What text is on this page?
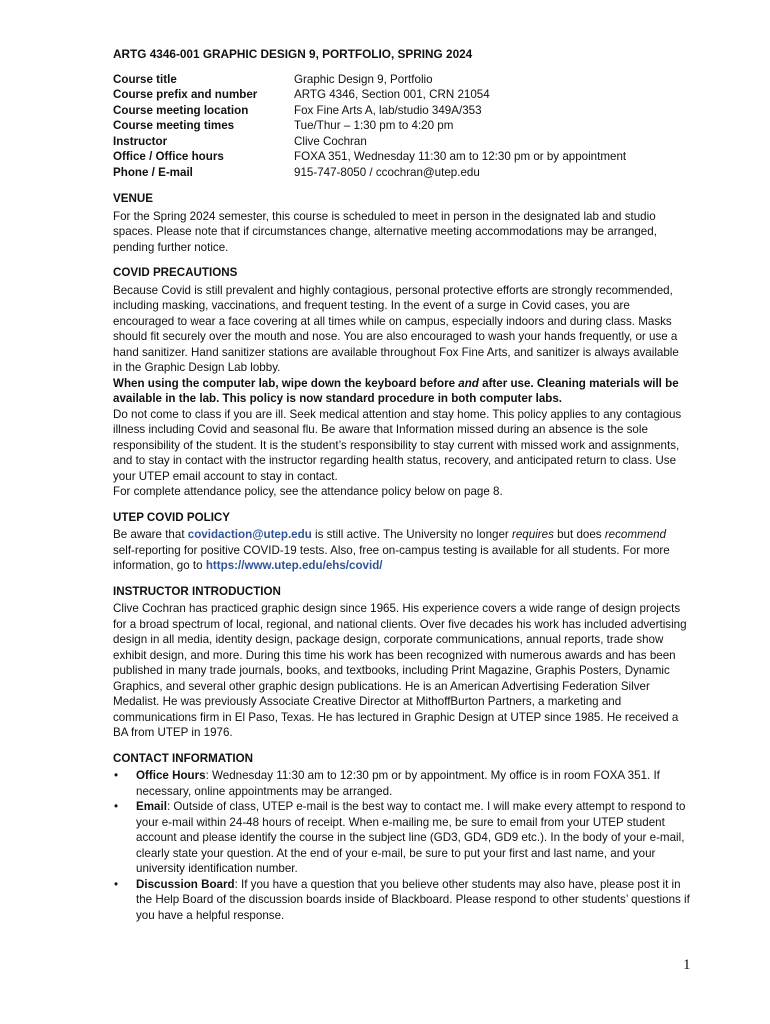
ARTG 4346-001 GRAPHIC DESIGN 9, PORTFOLIO, SPRING 2024
Course title	Graphic Design 9, Portfolio
Course prefix and number	ARTG 4346, Section 001, CRN 21054
Course meeting location	Fox Fine Arts A, lab/studio 349A/353
Course meeting times	Tue/Thur – 1:30 pm to 4:20 pm
Instructor	Clive Cochran
Office / Office hours	FOXA 351, Wednesday 11:30 am to 12:30 pm or by appointment
Phone / E-mail	915-747-8050 / ccochran@utep.edu
VENUE

For the Spring 2024 semester, this course is scheduled to meet in person in the designated lab and studio spaces. Please note that if circumstances change, alternative meeting accommodations may be arranged, pending further notice.

COVID PRECAUTIONS

Because Covid is still prevalent and highly contagious, personal protective efforts are strongly recommended, including masking, vaccinations, and frequent testing. In the event of a surge in Covid cases, you are encouraged to wear a face covering at all times while on campus, especially indoors and during class. Masks should fit securely over the mouth and nose. You are also encouraged to wash your hands frequently, or use a hand sanitizer. Hand sanitizer stations are available throughout Fox Fine Arts, and sanitizer is always available in the Graphic Design Lab lobby.

When using the computer lab, wipe down the keyboard before and after use. Cleaning materials will be available in the lab. This policy is now standard procedure in both computer labs.

Do not come to class if you are ill. Seek medical attention and stay home. This policy applies to any contagious illness including Covid and seasonal flu. Be aware that Information missed during an absence is the sole responsibility of the student. It is the student’s responsibility to stay current with missed work and assignments, and to stay in contact with the instructor regarding health status, recovery, and anticipated return to class. Use your UTEP email account to stay in contact.

For complete attendance policy, see the attendance policy below on page 8.

UTEP COVID POLICY

Be aware that covidaction@utep.edu is still active. The University no longer requires but does recommend self-reporting for positive COVID-19 tests. Also, free on-campus testing is available for all students. For more information, go to https://www.utep.edu/ehs/covid/

INSTRUCTOR INTRODUCTION

Clive Cochran has practiced graphic design since 1965. His experience covers a wide range of design projects for a broad spectrum of local, regional, and national clients. Over five decades his work has included advertising design in all media, identity design, package design, corporate communications, annual reports, trade show exhibit design, and more. During this time his work has been recognized with numerous awards and has been published in many trade journals, books, and textbooks, including Print Magazine, Graphis Posters, Dynamic Graphics, and several other graphic design publications. He is an American Advertising Federation Silver Medalist. He was previously Associate Creative Director at MithoffBurton Partners, a marketing and communications firm in El Paso, Texas. He has lectured in Graphic Design at UTEP since 1985. He received a BA from UTEP in 1976.

CONTACT INFORMATION
• Office Hours: Wednesday 11:30 am to 12:30 pm or by appointment. My office is in room FOXA 351. If necessary, online appointments may be arranged.
• Email: Outside of class, UTEP e-mail is the best way to contact me. I will make every attempt to respond to your e-mail within 24-48 hours of receipt. When e-mailing me, be sure to email from your UTEP student account and please identify the course in the subject line (GD3, GD4, GD9 etc.). In the body of your e-mail, clearly state your question. At the end of your e-mail, be sure to put your first and last name, and your university identification number.
• Discussion Board: If you have a question that you believe other students may also have, please post it in the Help Board of the discussion boards inside of Blackboard. Please respond to other students’ questions if you have a helpful response.
1
